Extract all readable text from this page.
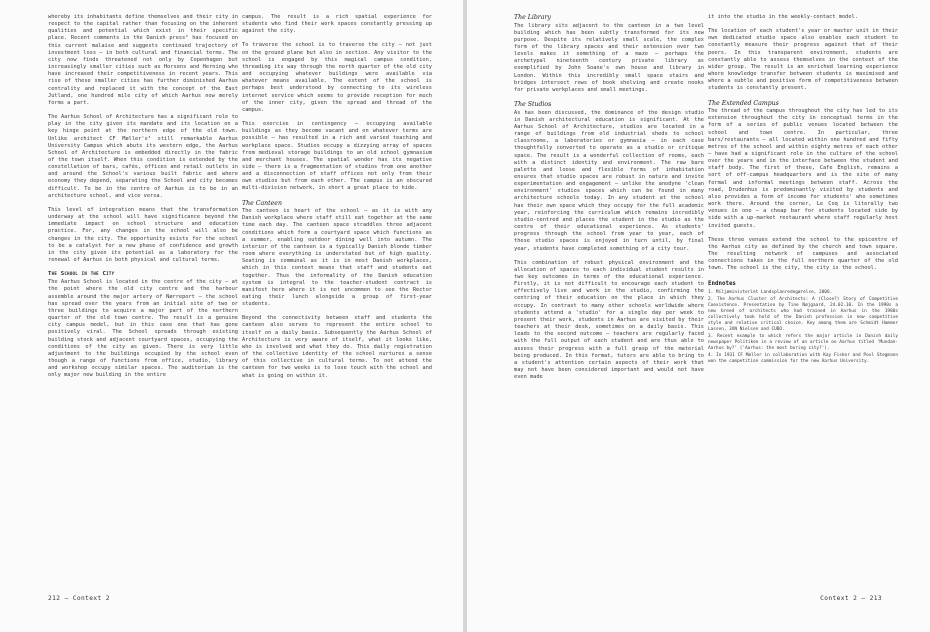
whereby its inhabitants define themselves and their city in respect to the capital rather than focusing on the inherent qualities and potential which exist in their specific place. Recent comments in the Danish press² has focused on this current malaise and suggests continued trajectory of investment loss – in both cultural and financial terms. The city now finds threatened not only by Copenhagen but increasingly smaller cities such as Horsens and Herning who have increased their competitiveness in recent years. This rise of these smaller cities has further diminished Aarhus centrality and replaced it with the concept of the East Jutland, one hundred mile city of which Aarhus now merely forms a part.

The Aarhus School of Architecture has a significant role to play in the city given its mandate and its location on a key hinge point at the northern edge of the old town. Unlike architect CF Møller's³ still remarkable Aarhus University Campus which abuts its western edge, the Aarhus School of Architecture is embedded directly in the fabric of the town itself. When this condition is extended by the constellation of bars, cafés, offices and retail outlets in and around the School's various built fabric and where economy they depend, separating the School and city becomes difficult. To be in the centre of Aarhus is to be in an architecture school, and vice versa.

This level of integration means that the transformation underway at the school will have significance beyond the immediate impact on school structure and education practice. For, any changes in the school will also be changes in the city. The opportunity exists for the school to be a catalyst for a new phase of confidence and growth in the city given its potential as a laboratory for the renewal of Aarhus in both physical and cultural terms.

The School in the City

The Aarhus School is located in the centre of the city – at the point where the old city centre and the harbour assemble around the major artery of Nørreport – the school has spread over the years from an initial site of two or three buildings to acquire a major part of the northern quarter of the old town centre. The result is a genuine city campus model, but in this case one that has gone positively viral. The School spreads through existing building stock and adjacent courtyard spaces, occupying the conditions of the city as given. There is very little adjustment to the buildings occupied by the school even though a range of functions from office, studio, library and workshop occupy similar spaces. The auditorium is the only major new building in the entire

campus. The result is a rich spatial experience for students who find their work spaces constantly pressing up against the city.

To traverse the school is to traverse the city – not just on the ground plane but also in section. Any visitor to the school is engaged by this magical campus condition, threading its way through the north quarter of the old city and occupying whatever buildings were available via whatever means available. The extent of the school is perhaps best understood by connecting to its wireless internet service which seems to provide reception for much of the inner city, given the spread and thread of the campus.

This exercise in contingency – occupying available buildings as they become vacant and on whatever terms are possible – has resulted in a rich and varied teaching and workplace space. Studios occupy a dizzying array of spaces from medieval storage buildings to an old school gymnasium and merchant houses. The spatial wonder has its negative side – there is a fragmentation of studios from one another and a disconnection of staff offices not only from their own studios but from each other. The campus is an obscured multi-division network, in short a great place to hide.

The Canteen

The canteen is heart of the school – as it is with any Danish workplace where staff still eat together at the same time each day. The canteen space straddles three adjacent conditions which form a courtyard space which functions as a summer, enabling outdoor dining well into autumn. The interior of the canteen is a typically Danish blonde timber room where everything is understated but of high quality. Seating is communal as it is in most Danish workplaces, which in this context means that staff and students eat together. Thus the informality of the Danish education system is integral to the teacher-student contract is manifest here where it is not uncommon to see the Rector eating their lunch alongside a group of first-year students.

Beyond the connectivity between staff and students the canteen also serves to represent the entire school to itself on a daily basis. Subsequently the Aarhus School of Architecture is very aware of itself, what it looks like, who is involved and what they do. This daily registration of the collective identity of the school nurtures a sense of this collective in cultural terms. To not attend the canteen for two weeks is to lose touch with the school and what is going on within it.

212 – Context 2
The Library

The library sits adjacent to the canteen in a two level building which has been subtly transformed for its new purpose. Despite its relatively small scale, the complex form of the library spaces and their extension over two levels makes it something of a maze – perhaps the archetypal nineteenth century private library as exemplified by John Soane's own house and library in London. Within this incredibly small space stairs and bridges intersect rows of book shelving and create nooks for private workplaces and small meetings.

The Studios

As has been discussed, the dominance of the design studio in Danish architectural education is significant. At the Aarhus School of Architecture, studios are located in a range of buildings from old industrial sheds to school classrooms, a laboratories or gymnasia – in each case thoughtfully converted to operate as a studio or critique space. The result is a wonderful collection of rooms, each with a distinct identity and environment. The raw bare palette and loose and flexible forms of inhabitation ensures that studio spaces are robust in nature and invite experimentation and engagement – unlike the anodyne 'clean environment' studios spaces which can be found in many architecture schools today. In any student at the school has their own space which they occupy for the full academic year, reinforcing the curriculum which remains incredibly studio-centred and places the student in the studio as the centre of their educational experience. As students' progress through the school from year to year, each of these studio spaces is enjoyed in turn until, by final year, students have completed something of a city tour.

This combination of robust physical environment and the allocation of spaces to each individual student results in two key outcomes in terms of the educational experience. Firstly, it is not difficult to encourage each student to effectively live and work in the studio, confirming the centring of their education on the place in which they occupy. In contrast to many other schools worldwide where students attend a 'studio' for a single day per week to present their work, students in Aarhus are visited by their teachers at their desk, sometimes on a daily basis. This leads to the second outcome – teachers are regularly faced with the full output of each student and are thus able to assess their progress with a full grasp of the material being produced. In this format, tutors are able to bring to a student's attention certain aspects of their work that may not have been considered important and would not have even made

it into the studio in the weekly-contact model.

The location of each student's year or master unit in their own dedicated studio space also enables each student to constantly measure their progress against that of their peers. In this transparent environment, students are constantly able to assess themselves in the context of the wider group. The result is an enriched learning experience where knowledge transfer between students is maximised and where a subtle and positive form of competitiveness between students is constantly present.

The Extended Campus

The thread of the campus throughout the city has led to its extension throughout the city in conceptual terms in the form of a series of public venues located between the school and town centre. In particular, three bars/restaurants – all located within one hundred and fifty metres of the school and within eighty metres of each other – have had a significant role in the culture of the school over the years and in the interface between the student and staff body. The first of these, Cafe English, remains a sort of off-campus headquarters and is the site of many formal and informal meetings between staff. Across the road, Drudenhus is predominantly visited by students and also provides a form of income for students' who sometimes work there. Around the corner, Le Coq is literally two venues in one – a cheap bar for students located side by side with a up-market restaurant where staff regularly host invited guests.

These three venues extend the school to the epicentre of the Aarhus city as defined by the church and town square. The resulting network of campuses and associated connections takes in the full northern quarter of the old town. The school is the city, the city is the school.

Endnotes
1. Miljøministeriet Landsplanredegørelse, 2006.
2. The Aarhus Cluster of Architects: A (Close?) Story of Competitive Coexistence. Presentation by Tine Nøjgaard, 24.02.10. In the 1990s a new breed of architects who had trained in Aarhus in the 1980s collectively took hold of the Danish profession in new competitive style and relative critical choice. Key among them are Schmidt Hammer Lassen, 3XN Nielsen and CUBO.
3. Recent example to which refers the major article in Danish daily newspaper Politiken in a review of an article on Aarhus titled 'Mundan-Aarhus by?' ('Aarhus: the most boring city?').
4. In 1931 CF Møller in collaboration with Kay Fisker and Povl Stegmann won the competition commission for the new Aarhus University.
Context 2 – 213
